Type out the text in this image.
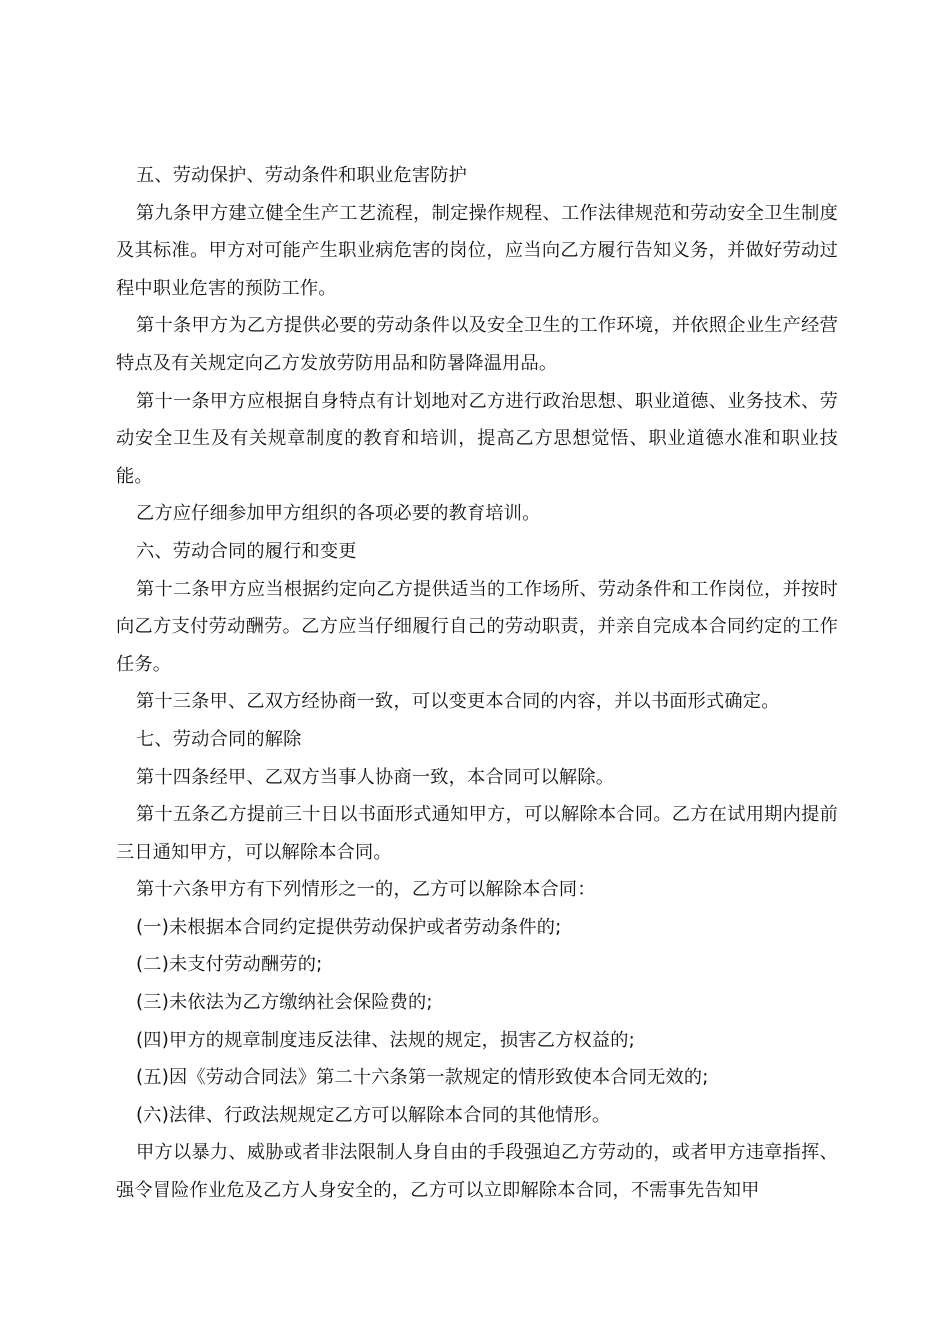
五、劳动保护、劳动条件和职业危害防护

第九条甲方建立健全生产工艺流程，制定操作规程、工作法律规范和劳动安全卫生制度及其标准。甲方对可能产生职业病危害的岗位，应当向乙方履行告知义务，并做好劳动过程中职业危害的预防工作。

第十条甲方为乙方提供必要的劳动条件以及安全卫生的工作环境，并依照企业生产经营特点及有关规定向乙方发放劳防用品和防暑降温用品。

第十一条甲方应根据自身特点有计划地对乙方进行政治思想、职业道德、业务技术、劳动安全卫生及有关规章制度的教育和培训，提高乙方思想觉悟、职业道德水准和职业技能。

乙方应仔细参加甲方组织的各项必要的教育培训。

六、劳动合同的履行和变更

第十二条甲方应当根据约定向乙方提供适当的工作场所、劳动条件和工作岗位，并按时向乙方支付劳动酬劳。乙方应当仔细履行自己的劳动职责，并亲自完成本合同约定的工作任务。

第十三条甲、乙双方经协商一致，可以变更本合同的内容，并以书面形式确定。

七、劳动合同的解除

第十四条经甲、乙双方当事人协商一致，本合同可以解除。

第十五条乙方提前三十日以书面形式通知甲方，可以解除本合同。乙方在试用期内提前三日通知甲方，可以解除本合同。

第十六条甲方有下列情形之一的，乙方可以解除本合同：

(一)未根据本合同约定提供劳动保护或者劳动条件的;

(二)未支付劳动酬劳的;

(三)未依法为乙方缴纳社会保险费的;

(四)甲方的规章制度违反法律、法规的规定，损害乙方权益的;

(五)因《劳动合同法》第二十六条第一款规定的情形致使本合同无效的;

(六)法律、行政法规规定乙方可以解除本合同的其他情形。

甲方以暴力、威胁或者非法限制人身自由的手段强迫乙方劳动的，或者甲方违章指挥、强令冒险作业危及乙方人身安全的，乙方可以立即解除本合同，不需事先告知甲
